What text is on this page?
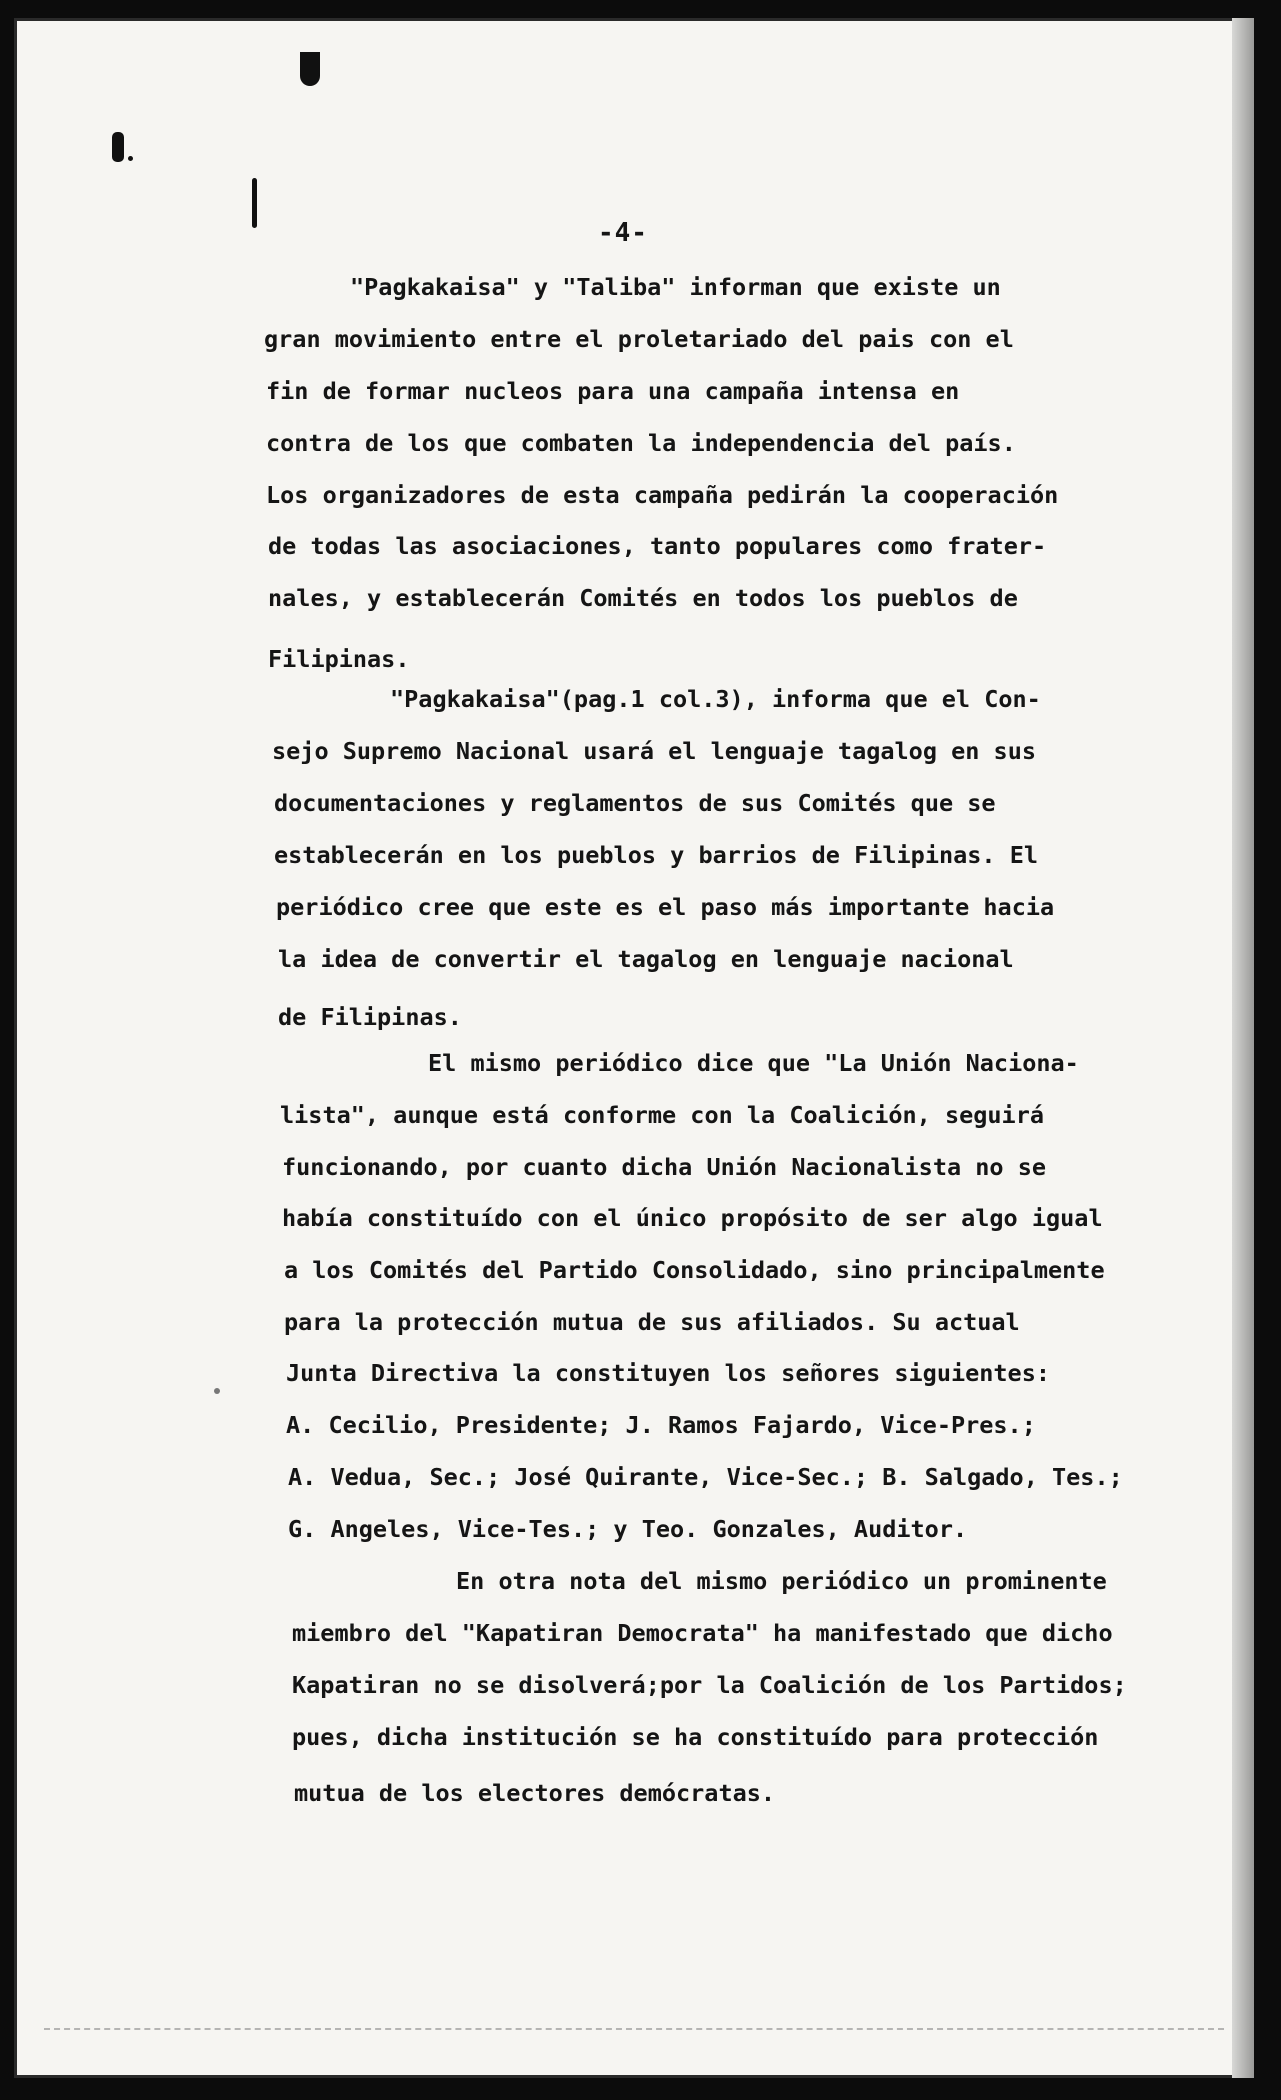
-4-
"Pagkakaisa" y "Taliba" informan que existe un
gran movimiento entre el proletariado del pais con el
fin de formar nucleos para una campaña intensa en
contra de los que combaten la independencia del país.
Los organizadores de esta campaña pedirán la cooperación
de todas las asociaciones, tanto populares como frater-
nales, y establecerán Comités en todos los pueblos de
Filipinas.
"Pagkakaisa"(pag.1 col.3), informa que el Con-
sejo Supremo Nacional usará el lenguaje tagalog en sus
documentaciones y reglamentos de sus Comités que se
establecerán en los pueblos y barrios de Filipinas. El
periódico cree que este es el paso más importante hacia
la idea de convertir el tagalog en lenguaje nacional
de Filipinas.
El mismo periódico dice que "La Unión Naciona-
lista", aunque está conforme con la Coalición, seguirá
funcionando, por cuanto dicha Unión Nacionalista no se
había constituído con el único propósito de ser algo igual
a los Comités del Partido Consolidado, sino principalmente
para la protección mutua de sus afiliados. Su actual
Junta Directiva la constituyen los señores siguientes:
A. Cecilio, Presidente; J. Ramos Fajardo, Vice-Pres.;
A. Vedua, Sec.; José Quirante, Vice-Sec.; B. Salgado, Tes.;
G. Angeles, Vice-Tes.; y Teo. Gonzales, Auditor.
En otra nota del mismo periódico un prominente
miembro del "Kapatiran Democrata" ha manifestado que dicho
Kapatiran no se disolverá;por la Coalición de los Partidos;
pues, dicha institución se ha constituído para protección
mutua de los electores demócratas.
